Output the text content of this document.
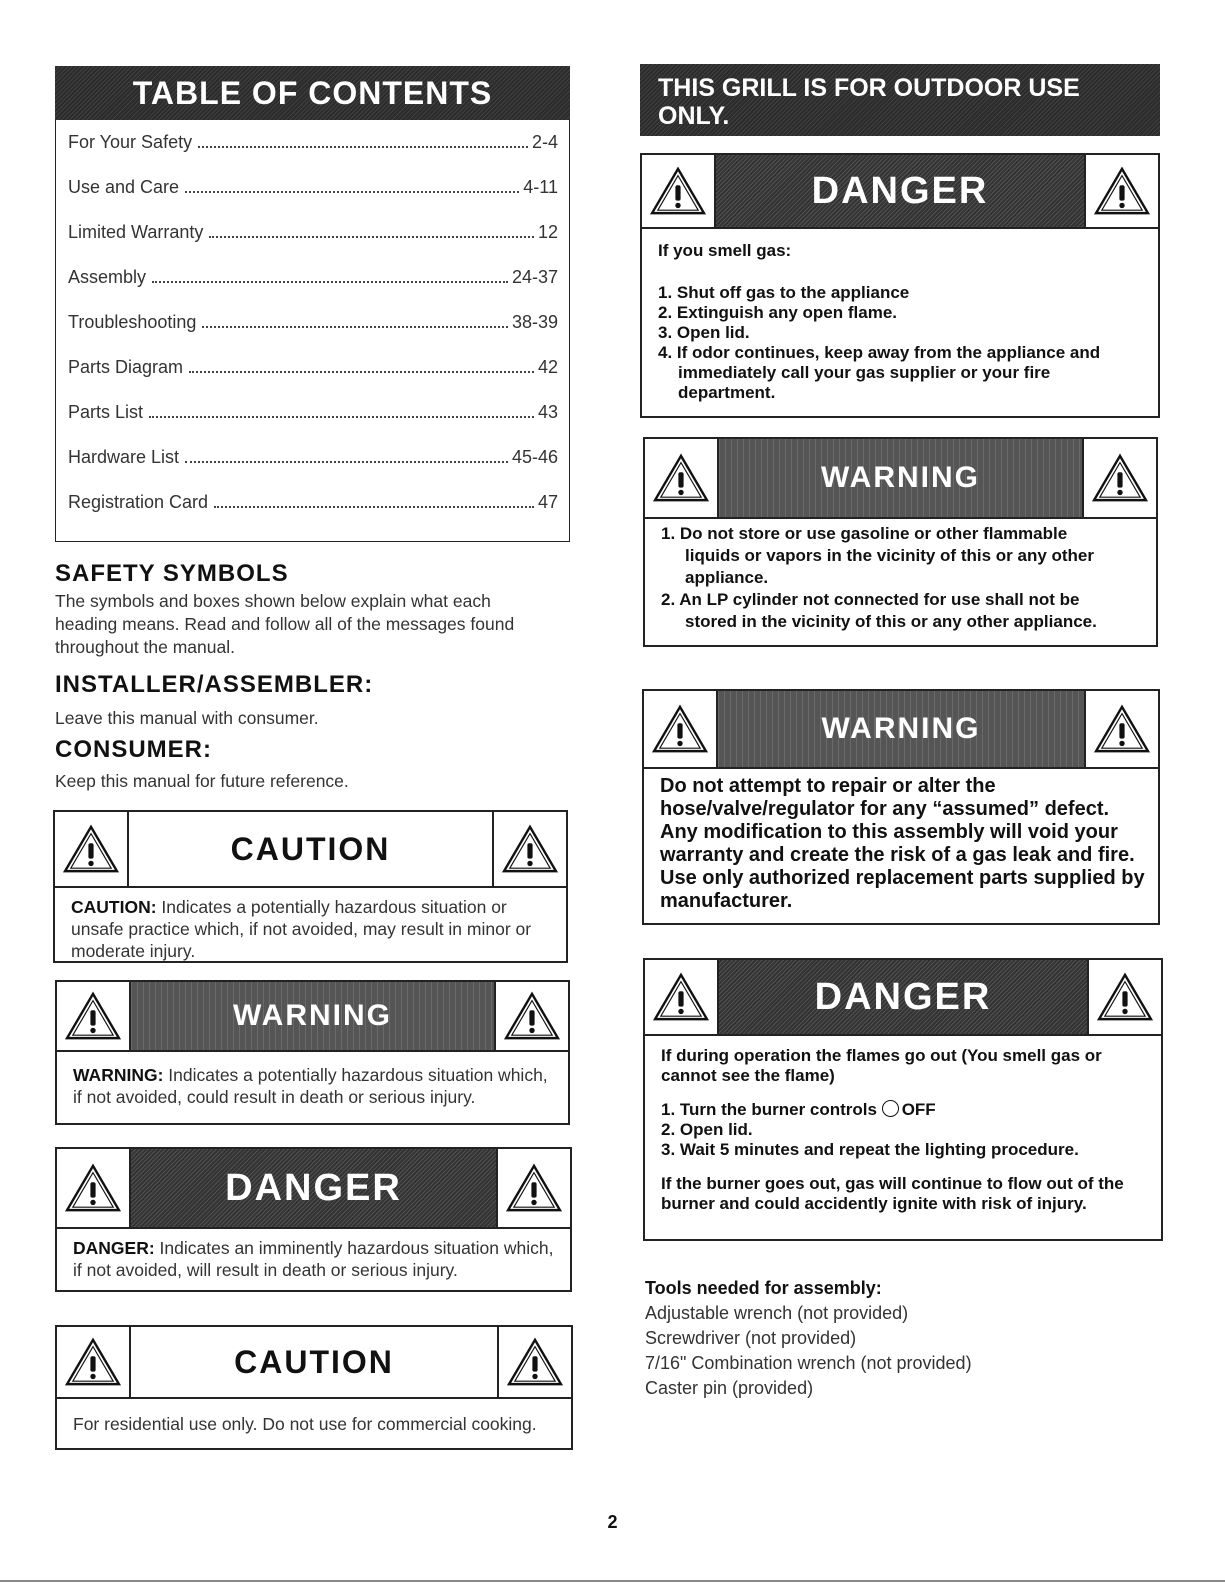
TABLE OF CONTENTS
For Your Safety	2-4
Use and Care	4-11
Limited Warranty	12
Assembly	24-37
Troubleshooting	38-39
Parts Diagram	42
Parts List	43
Hardware List	45-46
Registration Card	47
SAFETY SYMBOLS

The symbols and boxes shown below explain what each heading means. Read and follow all of the messages found throughout the manual.

INSTALLER/ASSEMBLER:

Leave this manual with consumer.

CONSUMER:

Keep this manual for future reference.

CAUTION
CAUTION: Indicates a potentially hazardous situation or unsafe practice which, if not avoided, may result in minor or moderate injury.
WARNING
WARNING: Indicates a potentially hazardous situation which, if not avoided, could result in death or serious injury.
DANGER
DANGER: Indicates an imminently hazardous situation which, if not avoided, will result in death or serious injury.
CAUTION
For residential use only. Do not use for commercial cooking.
THIS GRILL IS FOR OUTDOOR USE ONLY.
DANGER
If you smell gas:
1. Shut off gas to the appliance
2. Extinguish any open flame.
3. Open lid.
4. If odor continues, keep away from the appliance and
immediately call your gas supplier or your fire
department.
WARNING
1. Do not store or use gasoline or other flammable
liquids or vapors in the vicinity of this or any other
appliance.
2. An LP cylinder not connected for use shall not be
stored in the vicinity of this or any other appliance.
WARNING
Do not attempt to repair or alter the hose/valve/regulator for any “assumed” defect. Any modification to this assembly will void your warranty and create the risk of a gas leak and fire. Use only authorized replacement parts supplied by manufacturer.
DANGER
If during operation the flames go out (You smell gas or cannot see the flame)
1. Turn the burner controls OFF
2. Open lid.
3. Wait 5 minutes and repeat the lighting procedure.
If the burner goes out, gas will continue to flow out of the burner and could accidently ignite with risk of injury.
Tools needed for assembly:
Adjustable wrench (not provided)
Screwdriver (not provided)
7/16" Combination wrench (not provided)
Caster pin (provided)
2
